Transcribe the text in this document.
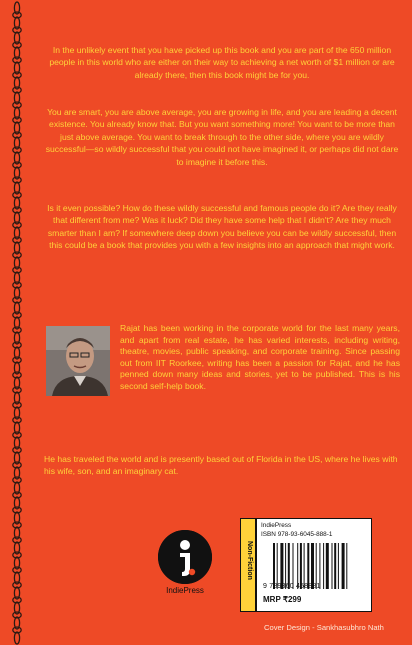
In the unlikely event that you have picked up this book and you are part of the 650 million people in this world who are either on their way to achieving a net worth of $1 million or are already there, then this book might be for you.
You are smart, you are above average, you are growing in life, and you are leading a decent existence. You already know that. But you want something more! You want to be more than just above average. You want to break through to the other side, where you are wildly successful—so wildly successful that you could not have imagined it, or perhaps did not dare to imagine it before this.
Is it even possible? How do these wildly successful and famous people do it? Are they really that different from me? Was it luck? Did they have some help that I didn't? Are they much smarter than I am? If somewhere deep down you believe you can be wildly successful, then this could be a book that provides you with a few insights into an approach that might work.
Rajat has been working in the corporate world for the last many years, and apart from real estate, he has varied interests, including writing, theatre, movies, public speaking, and corporate training. Since passing out from IIT Roorkee, writing has been a passion for Rajat, and he has penned down many ideas and stories, yet to be published. This is his second self-help book.
He has traveled the world and is presently based out of Florida in the US, where he lives with his wife, son, and an imaginary cat.
IndiePress
Non-Fiction
IndiePress
ISBN 978-93-6045-888-1
9 789360 458881
MRP ₹299
Cover Design - Sankhasubhro Nath
